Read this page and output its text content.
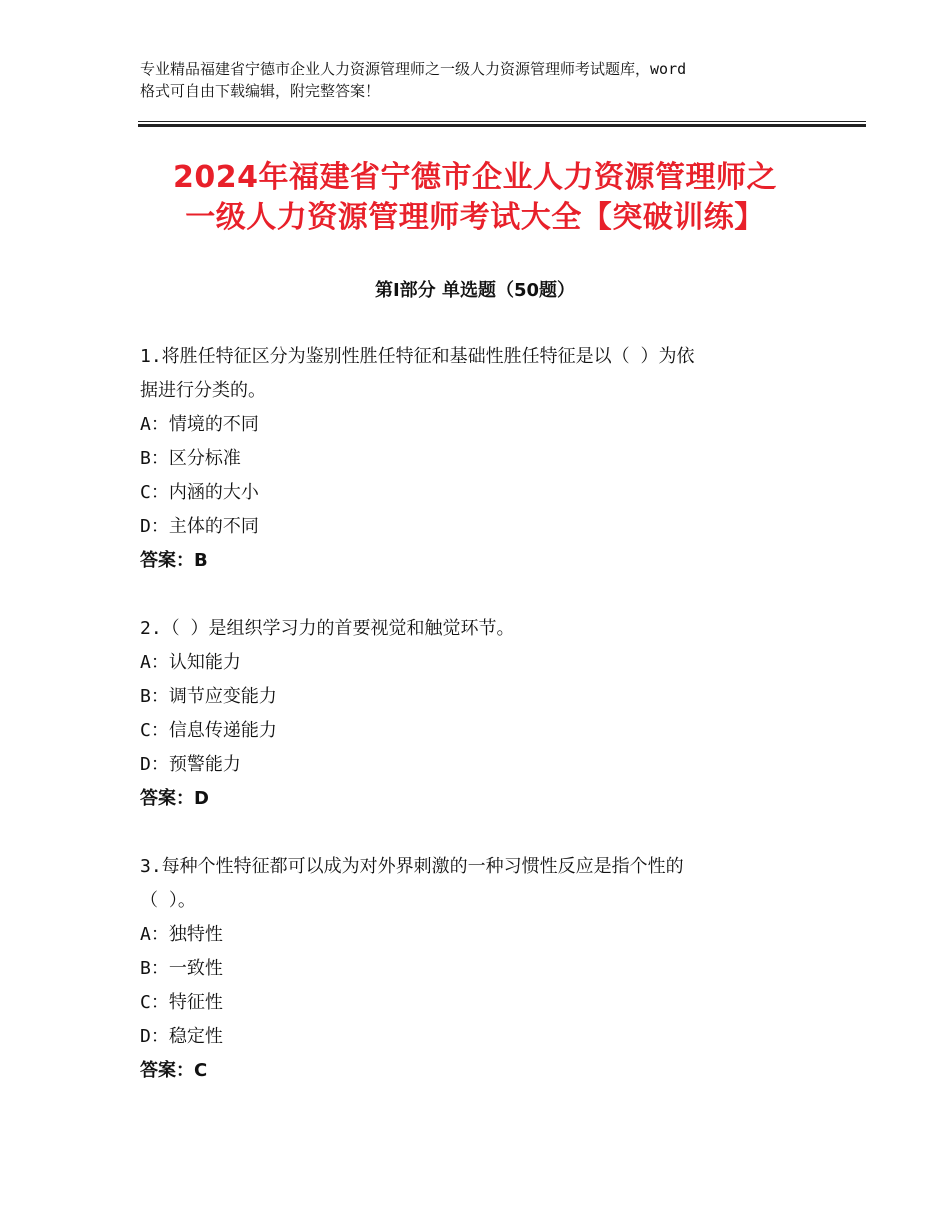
专业精品福建省宁德市企业人力资源管理师之一级人力资源管理师考试题库，word
格式可自由下载编辑，附完整答案！
2024年福建省宁德市企业人力资源管理师之
一级人力资源管理师考试大全【突破训练】
第Ⅰ部分 单选题（50题）
1.将胜任特征区分为鉴别性胜任特征和基础性胜任特征是以（ ）为依
据进行分类的。
A：情境的不同
B：区分标准
C：内涵的大小
D：主体的不同
答案：B
2.（ ）是组织学习力的首要视觉和触觉环节。
A：认知能力
B：调节应变能力
C：信息传递能力
D：预警能力
答案：D
3.每种个性特征都可以成为对外界刺激的一种习惯性反应是指个性的
（ ）。
A：独特性
B：一致性
C：特征性
D：稳定性
答案：C
